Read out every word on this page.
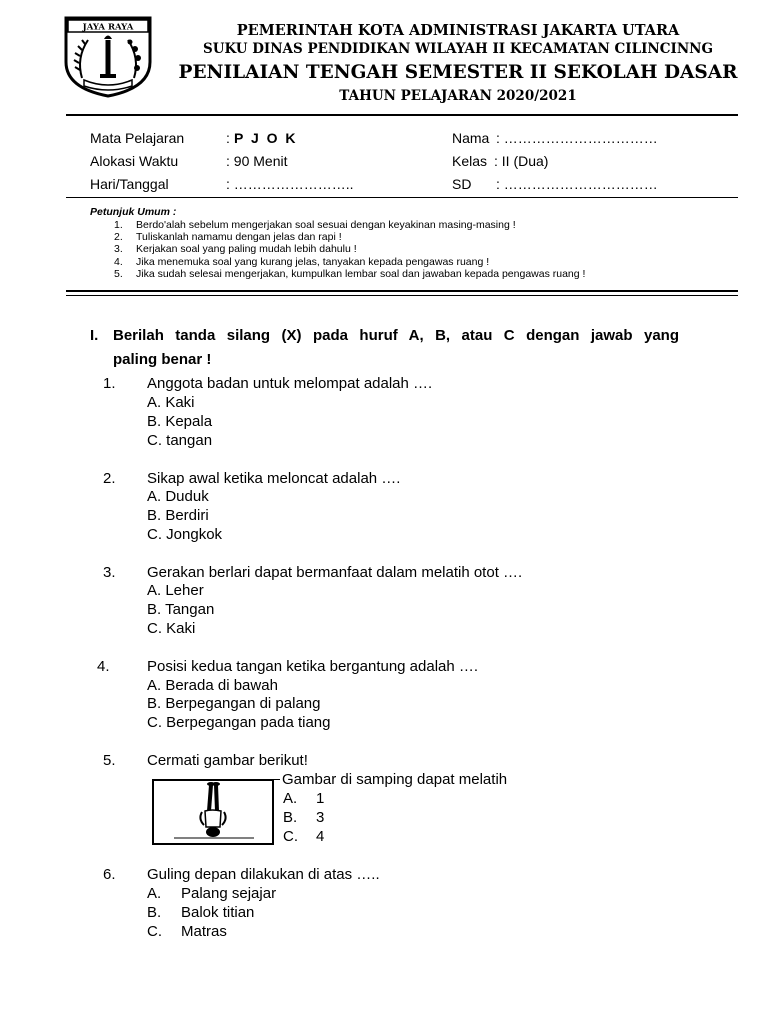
JAYA RAYA	PEMERINTAH KOTA ADMINISTRASI JAKARTA UTARA
SUKU DINAS PENDIDIKAN WILAYAH II KECAMATAN CILINCINNG
PENILAIAN TENGAH SEMESTER II SEKOLAH DASAR
TAHUN PELAJARAN 2020/2021
Mata Pelajaran	: P J O K
Alokasi Waktu	: 90 Menit
Hari/Tanggal	: ……………………..
Nama : ……………………………
Kelas : II (Dua)
SD : ……………………………
Petunjuk Umum :
1. Berdo'alah sebelum mengerjakan soal sesuai dengan keyakinan masing-masing !
2. Tuliskanlah namamu dengan jelas dan rapi !
3. Kerjakan soal yang paling mudah lebih dahulu !
4. Jika menemuka soal yang kurang jelas, tanyakan kepada pengawas ruang !
5. Jika sudah selesai mengerjakan, kumpulkan lembar soal dan jawaban kepada pengawas ruang !
I. Berilah tanda silang (X) pada huruf A, B, atau C dengan jawab yang
paling benar !
1. Anggota badan untuk melompat adalah ….
A. Kaki
B. Kepala
C. tangan
2. Sikap awal ketika meloncat adalah ….
A. Duduk
B. Berdiri
C. Jongkok
3. Gerakan berlari dapat bermanfaat dalam melatih otot ….
A. Leher
B. Tangan
C. Kaki
4. Posisi kedua tangan ketika bergantung adalah ….
A. Berada di bawah
B. Berpegangan di palang
C. Berpegangan pada tiang
5. Cermati gambar berikut!
Gambar di samping dapat melatih
A. 1
B. 3
C. 4
6. Guling depan dilakukan di atas …..
A. Palang sejajar
B. Balok titian
C. Matras
